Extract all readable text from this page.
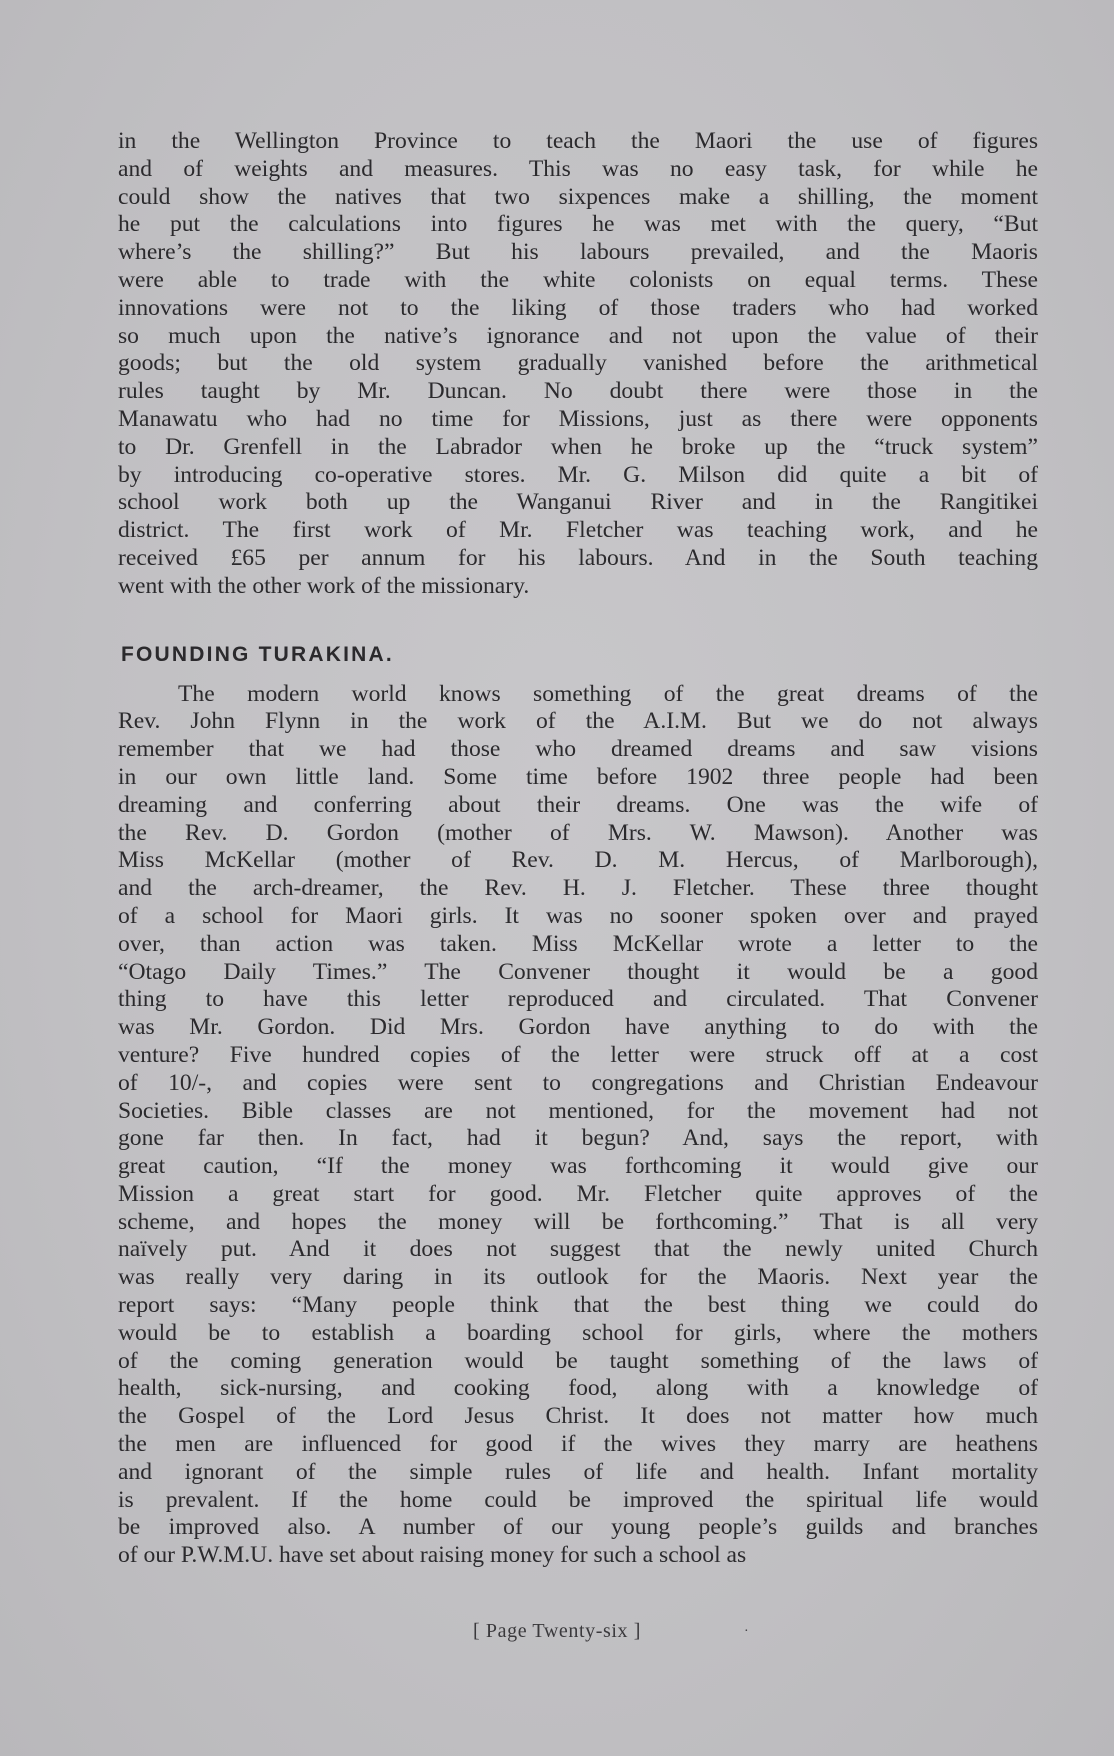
in the Wellington Province to teach the Maori the use of figures
and of weights and measures. This was no easy task, for while he
could show the natives that two sixpences make a shilling, the moment
he put the calculations into figures he was met with the query, “But
where’s the shilling?” But his labours prevailed, and the Maoris
were able to trade with the white colonists on equal terms. These
innovations were not to the liking of those traders who had worked
so much upon the native’s ignorance and not upon the value of their
goods; but the old system gradually vanished before the arithmetical
rules taught by Mr. Duncan. No doubt there were those in the
Manawatu who had no time for Missions, just as there were opponents
to Dr. Grenfell in the Labrador when he broke up the “truck system”
by introducing co-operative stores. Mr. G. Milson did quite a bit of
school work both up the Wanganui River and in the Rangitikei
district. The first work of Mr. Fletcher was teaching work, and he
received £65 per annum for his labours. And in the South teaching
went with the other work of the missionary.
FOUNDING TURAKINA.
The modern world knows something of the great dreams of the
Rev. John Flynn in the work of the A.I.M. But we do not always
remember that we had those who dreamed dreams and saw visions
in our own little land. Some time before 1902 three people had been
dreaming and conferring about their dreams. One was the wife of
the Rev. D. Gordon (mother of Mrs. W. Mawson). Another was
Miss McKellar (mother of Rev. D. M. Hercus, of Marlborough),
and the arch-dreamer, the Rev. H. J. Fletcher. These three thought
of a school for Maori girls. It was no sooner spoken over and prayed
over, than action was taken. Miss McKellar wrote a letter to the
“Otago Daily Times.” The Convener thought it would be a good
thing to have this letter reproduced and circulated. That Convener
was Mr. Gordon. Did Mrs. Gordon have anything to do with the
venture? Five hundred copies of the letter were struck off at a cost
of 10/-, and copies were sent to congregations and Christian Endeavour
Societies. Bible classes are not mentioned, for the movement had not
gone far then. In fact, had it begun? And, says the report, with
great caution, “If the money was forthcoming it would give our
Mission a great start for good. Mr. Fletcher quite approves of the
scheme, and hopes the money will be forthcoming.” That is all very
naïvely put. And it does not suggest that the newly united Church
was really very daring in its outlook for the Maoris. Next year the
report says: “Many people think that the best thing we could do
would be to establish a boarding school for girls, where the mothers
of the coming generation would be taught something of the laws of
health, sick-nursing, and cooking food, along with a knowledge of
the Gospel of the Lord Jesus Christ. It does not matter how much
the men are influenced for good if the wives they marry are heathens
and ignorant of the simple rules of life and health. Infant mortality
is prevalent. If the home could be improved the spiritual life would
be improved also. A number of our young people’s guilds and branches
of our P.W.M.U. have set about raising money for such a school as
[ Page Twenty-six ]	·
